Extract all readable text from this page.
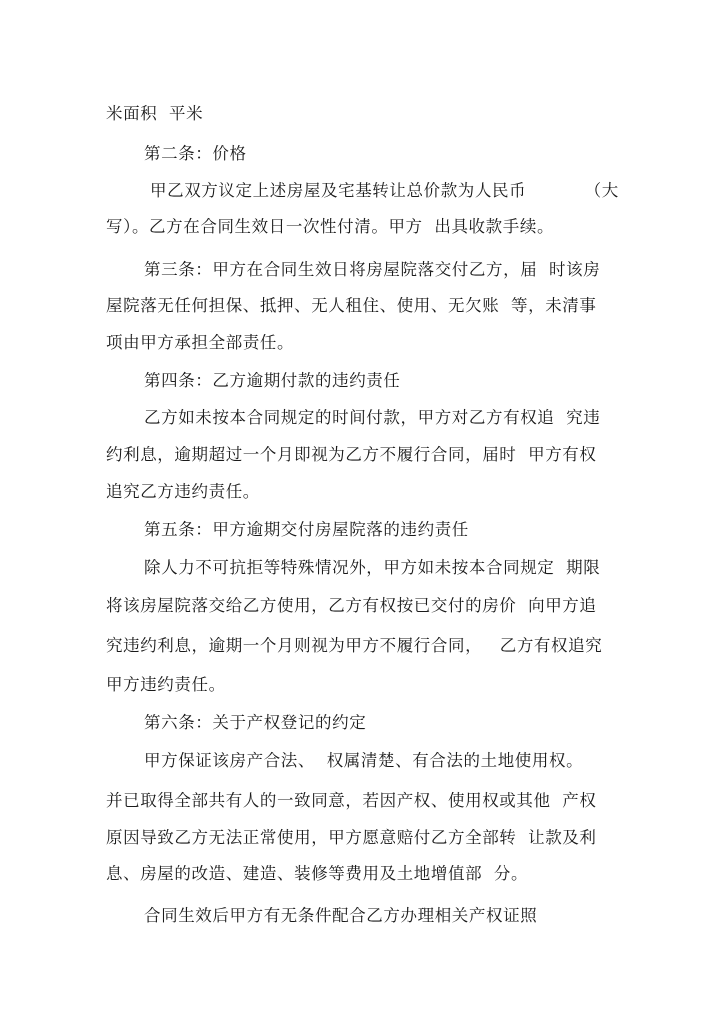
米面积  平米
第二条：价格
甲乙双方议定上述房屋及宅基转让总价款为人民币          （大
写）。乙方在合同生效日一次性付清。甲方  出具收款手续。
第三条：甲方在合同生效日将房屋院落交付乙方，届  时该房
屋院落无任何担保、抵押、无人租住、使用、无欠账  等，未清事
项由甲方承担全部责任。
第四条：乙方逾期付款的违约责任
乙方如未按本合同规定的时间付款，甲方对乙方有权追  究违
约利息，逾期超过一个月即视为乙方不履行合同，届时  甲方有权
追究乙方违约责任。
第五条：甲方逾期交付房屋院落的违约责任
除人力不可抗拒等特殊情况外，甲方如未按本合同规定  期限
将该房屋院落交给乙方使用，乙方有权按已交付的房价  向甲方追
究违约利息，逾期一个月则视为甲方不履行合同，   乙方有权追究
甲方违约责任。
第六条：关于产权登记的约定
甲方保证该房产合法、  权属清楚、有合法的土地使用权。
并已取得全部共有人的一致同意，若因产权、使用权或其他  产权
原因导致乙方无法正常使用，甲方愿意赔付乙方全部转  让款及利
息、房屋的改造、建造、装修等费用及土地增值部  分。
合同生效后甲方有无条件配合乙方办理相关产权证照
